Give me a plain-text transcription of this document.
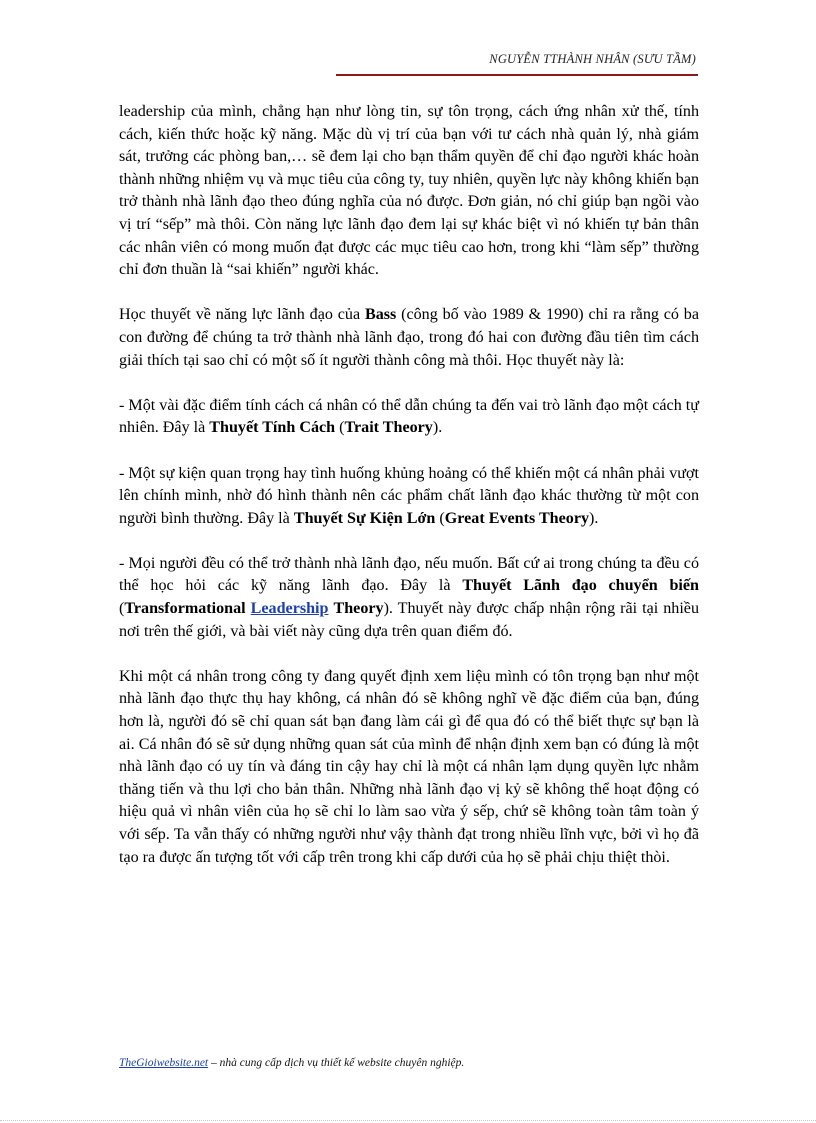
NGUYỄN TTHÀNH NHÂN (SƯU TẦM)

leadership của mình, chẳng hạn như lòng tin, sự tôn trọng, cách ứng nhân xử thế, tính cách, kiến thức hoặc kỹ năng. Mặc dù vị trí của bạn với tư cách nhà quản lý, nhà giám sát, trưởng các phòng ban,… sẽ đem lại cho bạn thẩm quyền để chỉ đạo người khác hoàn thành những nhiệm vụ và mục tiêu của công ty, tuy nhiên, quyền lực này không khiến bạn trở thành nhà lãnh đạo theo đúng nghĩa của nó được. Đơn giản, nó chỉ giúp bạn ngồi vào vị trí “sếp” mà thôi. Còn năng lực lãnh đạo đem lại sự khác biệt vì nó khiến tự bản thân các nhân viên có mong muốn đạt được các mục tiêu cao hơn, trong khi “làm sếp” thường chỉ đơn thuần là “sai khiến” người khác.

Học thuyết về năng lực lãnh đạo của Bass (công bố vào 1989 & 1990) chỉ ra rằng có ba con đường để chúng ta trở thành nhà lãnh đạo, trong đó hai con đường đầu tiên tìm cách giải thích tại sao chỉ có một số ít người thành công mà thôi. Học thuyết này là:

- Một vài đặc điểm tính cách cá nhân có thể dẫn chúng ta đến vai trò lãnh đạo một cách tự nhiên. Đây là Thuyết Tính Cách (Trait Theory).

- Một sự kiện quan trọng hay tình huống khủng hoảng có thể khiến một cá nhân phải vượt lên chính mình, nhờ đó hình thành nên các phẩm chất lãnh đạo khác thường từ một con người bình thường. Đây là Thuyết Sự Kiện Lớn (Great Events Theory).

- Mọi người đều có thể trở thành nhà lãnh đạo, nếu muốn. Bất cứ ai trong chúng ta đều có thể học hỏi các kỹ năng lãnh đạo. Đây là Thuyết Lãnh đạo chuyển biến (Transformational Leadership Theory). Thuyết này được chấp nhận rộng rãi tại nhiều nơi trên thế giới, và bài viết này cũng dựa trên quan điểm đó.

Khi một cá nhân trong công ty đang quyết định xem liệu mình có tôn trọng bạn như một nhà lãnh đạo thực thụ hay không, cá nhân đó sẽ không nghĩ về đặc điểm của bạn, đúng hơn là, người đó sẽ chỉ quan sát bạn đang làm cái gì để qua đó có thể biết thực sự bạn là ai. Cá nhân đó sẽ sử dụng những quan sát của mình để nhận định xem bạn có đúng là một nhà lãnh đạo có uy tín và đáng tin cậy hay chỉ là một cá nhân lạm dụng quyền lực nhằm thăng tiến và thu lợi cho bản thân. Những nhà lãnh đạo vị kỷ sẽ không thể hoạt động có hiệu quả vì nhân viên của họ sẽ chỉ lo làm sao vừa ý sếp, chứ sẽ không toàn tâm toàn ý với sếp. Ta vẫn thấy có những người như vậy thành đạt trong nhiều lĩnh vực, bởi vì họ đã tạo ra được ấn tượng tốt với cấp trên trong khi cấp dưới của họ sẽ phải chịu thiệt thòi.

TheGioiwebsite.net – nhà cung cấp dịch vụ thiết kế website chuyên nghiệp.
